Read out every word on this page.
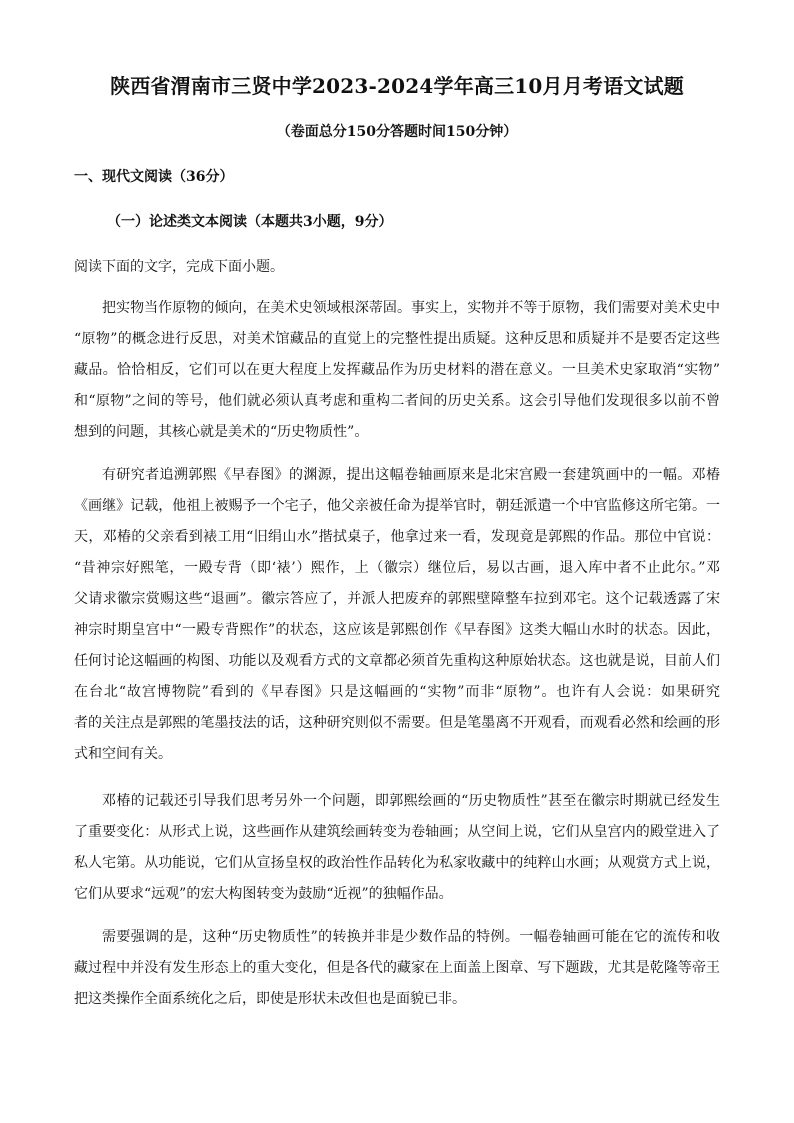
陕西省渭南市三贤中学2023-2024学年高三10月月考语文试题
（卷面总分150分答题时间150分钟）
一、现代文阅读（36分）
（一）论述类文本阅读（本题共3小题，9分）
阅读下面的文字，完成下面小题。
把实物当作原物的倾向，在美术史领域根深蒂固。事实上，实物并不等于原物，我们需要对美术史中
“原物”的概念进行反思，对美术馆藏品的直觉上的完整性提出质疑。这种反思和质疑并不是要否定这些
藏品。恰恰相反，它们可以在更大程度上发挥藏品作为历史材料的潜在意义。一旦美术史家取消“实物”
和“原物”之间的等号，他们就必须认真考虑和重构二者间的历史关系。这会引导他们发现很多以前不曾
想到的问题，其核心就是美术的“历史物质性”。
有研究者追溯郭熙《早春图》的渊源，提出这幅卷轴画原来是北宋宫殿一套建筑画中的一幅。邓椿
《画继》记载，他祖上被赐予一个宅子，他父亲被任命为提举官时，朝廷派遣一个中官监修这所宅第。一
天，邓椿的父亲看到裱工用“旧绢山水”揩拭桌子，他拿过来一看，发现竟是郭熙的作品。那位中官说：
“昔神宗好熙笔，一殿专背（即‘裱’）熙作，上（徽宗）继位后，易以古画，退入库中者不止此尔。”邓
父请求徽宗赏赐这些“退画”。徽宗答应了，并派人把废弃的郭熙壁障整车拉到邓宅。这个记载透露了宋
神宗时期皇宫中“一殿专背熙作”的状态，这应该是郭熙创作《早春图》这类大幅山水时的状态。因此，
任何讨论这幅画的构图、功能以及观看方式的文章都必须首先重构这种原始状态。这也就是说，目前人们
在台北“故宫博物院”看到的《早春图》只是这幅画的“实物”而非“原物”。也许有人会说：如果研究
者的关注点是郭熙的笔墨技法的话，这种研究则似不需要。但是笔墨离不开观看，而观看必然和绘画的形
式和空间有关。
邓椿的记载还引导我们思考另外一个问题，即郭熙绘画的“历史物质性”甚至在徽宗时期就已经发生
了重要变化：从形式上说，这些画作从建筑绘画转变为卷轴画；从空间上说，它们从皇宫内的殿堂进入了
私人宅第。从功能说，它们从宣扬皇权的政治性作品转化为私家收藏中的纯粹山水画；从观赏方式上说，
它们从要求“远观”的宏大构图转变为鼓励“近视”的独幅作品。
需要强调的是，这种“历史物质性”的转换并非是少数作品的特例。一幅卷轴画可能在它的流传和收
藏过程中并没有发生形态上的重大变化，但是各代的藏家在上面盖上图章、写下题跋，尤其是乾隆等帝王
把这类操作全面系统化之后，即使是形状未改但也是面貌已非。
